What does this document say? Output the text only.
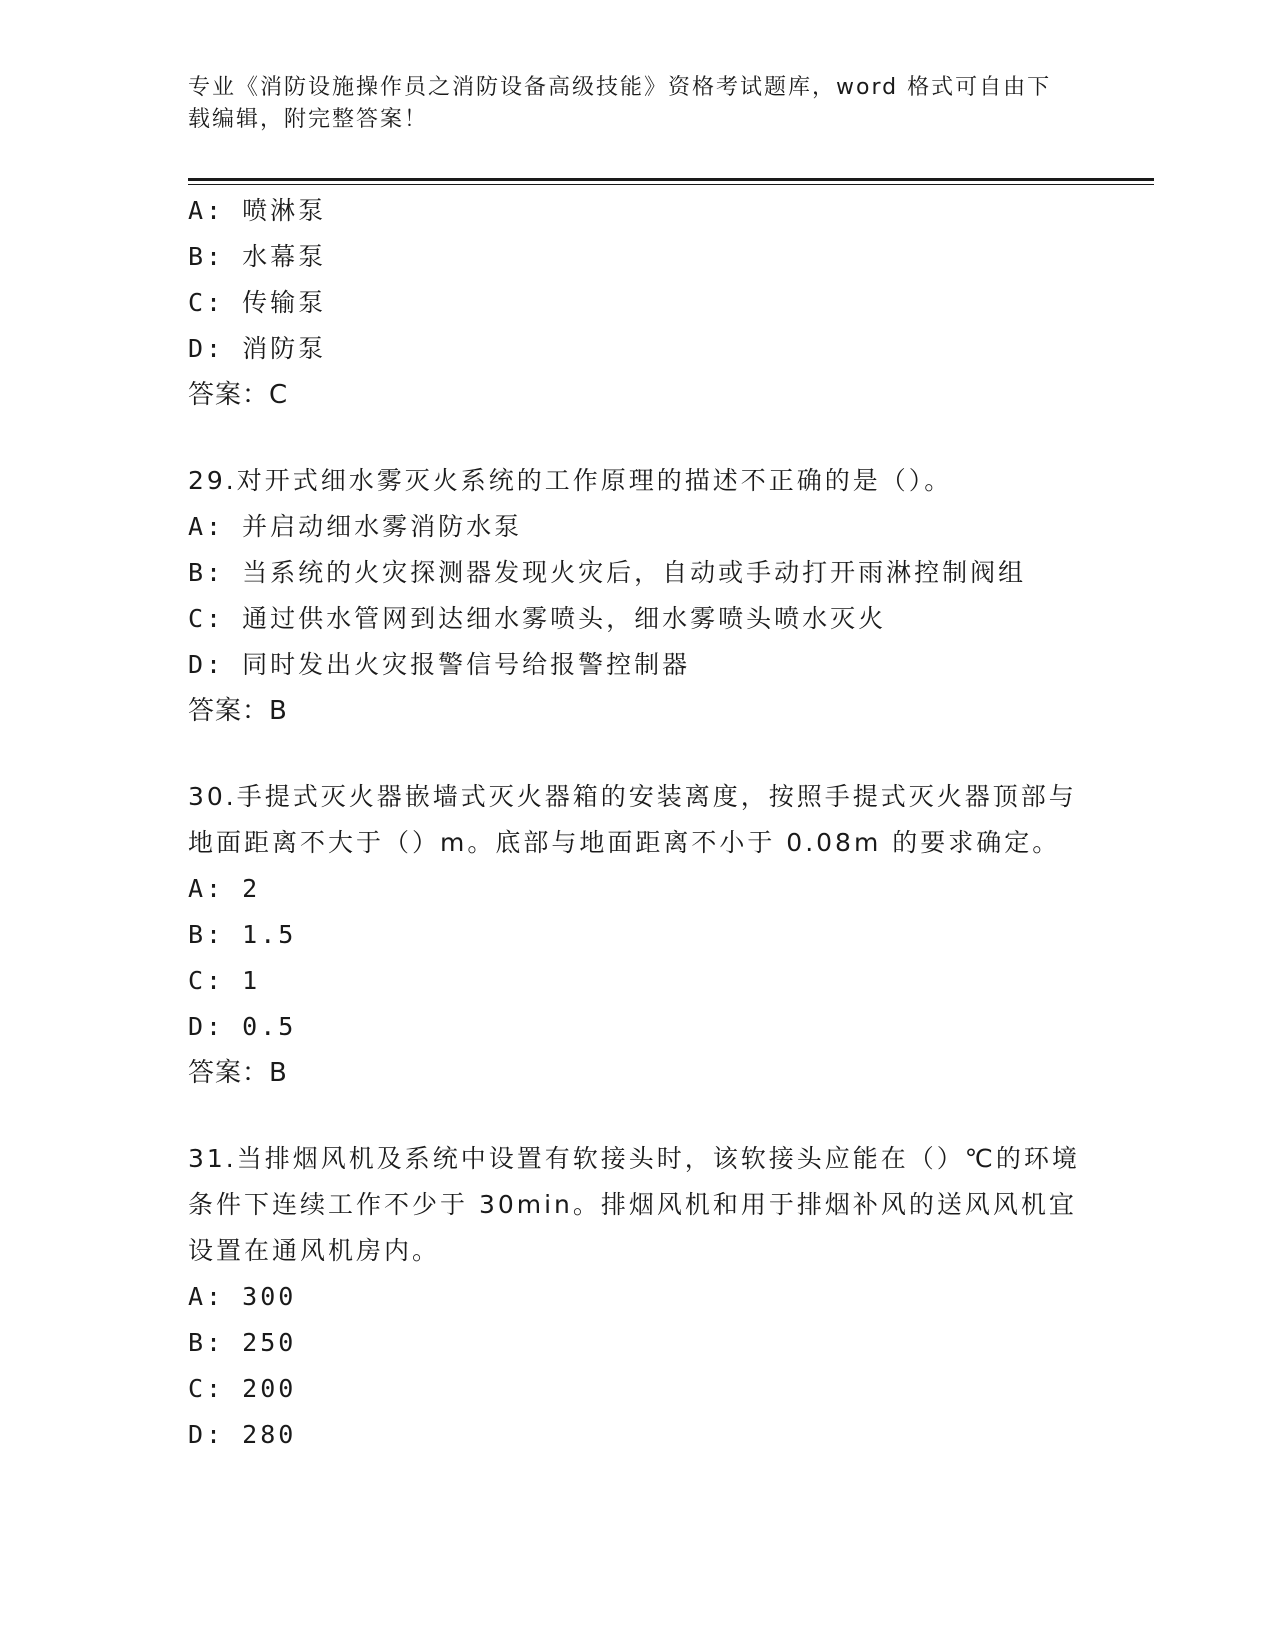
专业《消防设施操作员之消防设备高级技能》资格考试题库，word 格式可自由下载编辑，附完整答案！
A: 喷淋泵
B: 水幕泵
C: 传输泵
D: 消防泵
答案：C
29.对开式细水雾灭火系统的工作原理的描述不正确的是（）。
A: 并启动细水雾消防水泵
B: 当系统的火灾探测器发现火灾后，自动或手动打开雨淋控制阀组
C: 通过供水管网到达细水雾喷头，细水雾喷头喷水灭火
D: 同时发出火灾报警信号给报警控制器
答案：B
30.手提式灭火器嵌墙式灭火器箱的安装离度，按照手提式灭火器顶部与地面距离不大于（）m。底部与地面距离不小于 0.08m 的要求确定。
A: 2
B: 1.5
C: 1
D: 0.5
答案：B
31.当排烟风机及系统中设置有软接头时，该软接头应能在（）℃的环境条件下连续工作不少于 30min。排烟风机和用于排烟补风的送风风机宜设置在通风机房内。
A: 300
B: 250
C: 200
D: 280
